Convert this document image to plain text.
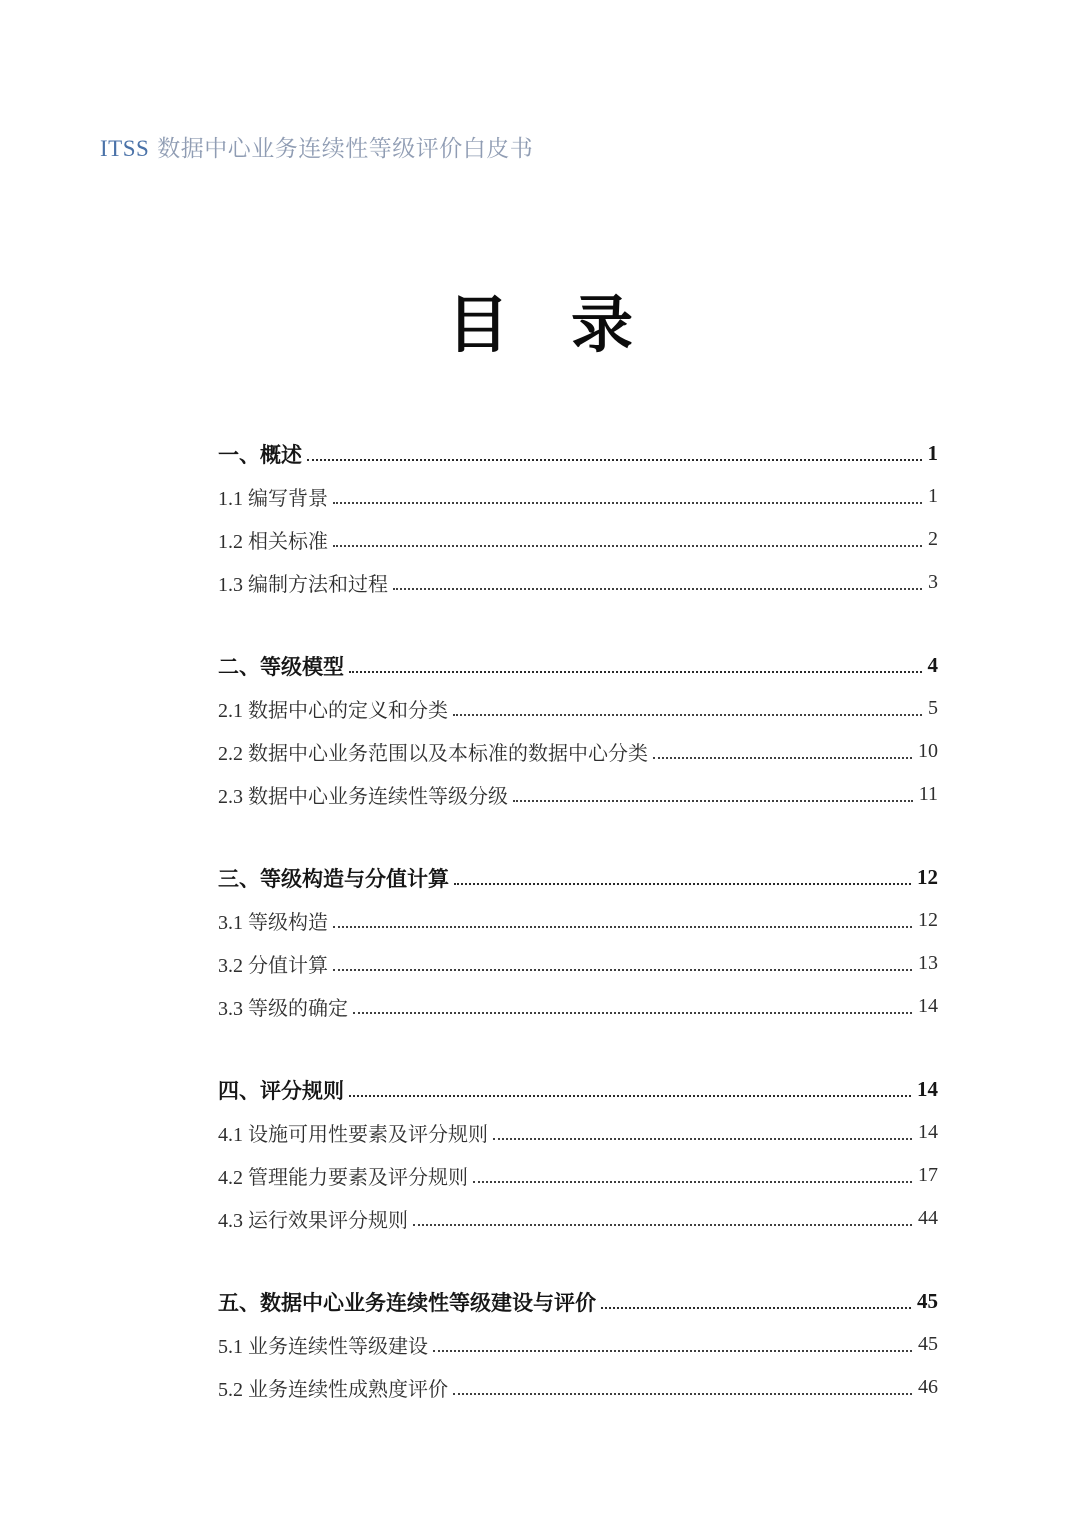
ITSS 数据中心业务连续性等级评价白皮书
目　录
一、概述	1
1.1 编写背景	1
1.2 相关标准	2
1.3 编制方法和过程	3
二、等级模型	4
2.1 数据中心的定义和分类	5
2.2 数据中心业务范围以及本标准的数据中心分类	10
2.3 数据中心业务连续性等级分级	11
三、等级构造与分值计算	12
3.1 等级构造	12
3.2 分值计算	13
3.3 等级的确定	14
四、评分规则	14
4.1 设施可用性要素及评分规则	14
4.2 管理能力要素及评分规则	17
4.3 运行效果评分规则	44
五、数据中心业务连续性等级建设与评价	45
5.1 业务连续性等级建设	45
5.2 业务连续性成熟度评价	46
